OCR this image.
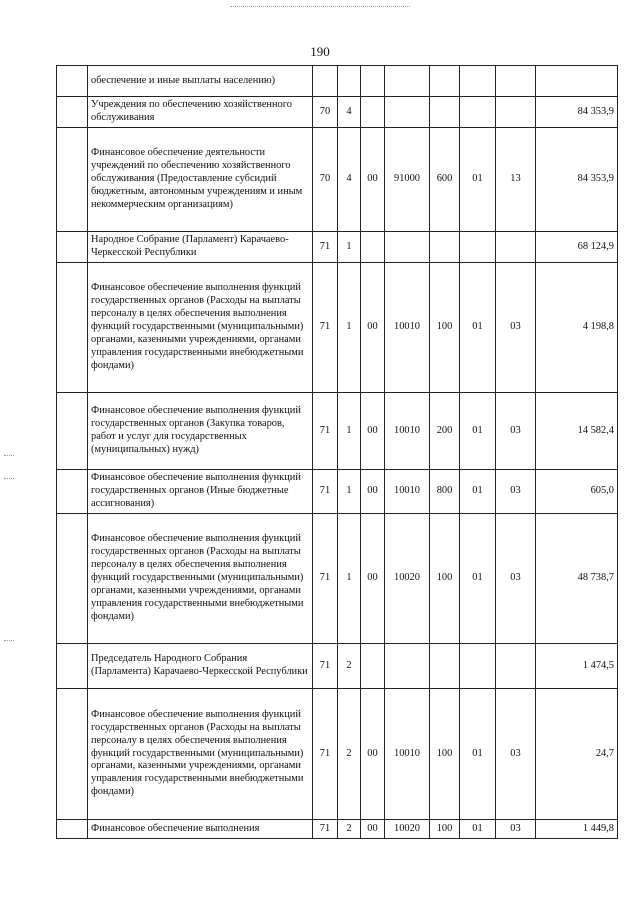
190
	обеспечение и иные выплаты населению)								
	Учреждения по обеспечению хозяйственного обслуживания	70	4						84 353,9
	Финансовое обеспечение деятельности учреждений по обеспечению хозяйственного обслуживания (Предоставление субсидий бюджетным, автономным учреждениям и иным некоммерческим организациям)	70	4	00	91000	600	01	13	84 353,9
	Народное Собрание (Парламент) Карачаево-Черкесской Республики	71	1						68 124,9
	Финансовое обеспечение выполнения функций государственных органов (Расходы на выплаты персоналу в целях обеспечения выполнения функций государственными (муниципальными) органами, казенными учреждениями, органами управления государственными внебюджетными фондами)	71	1	00	10010	100	01	03	4 198,8
	Финансовое обеспечение выполнения функций государственных органов (Закупка товаров, работ и услуг для государственных (муниципальных) нужд)	71	1	00	10010	200	01	03	14 582,4
	Финансовое обеспечение выполнения функций государственных органов (Иные бюджетные ассигнования)	71	1	00	10010	800	01	03	605,0
	Финансовое обеспечение выполнения функций государственных органов (Расходы на выплаты персоналу в целях обеспечения выполнения функций государственными (муниципальными) органами, казенными учреждениями, органами управления государственными внебюджетными фондами)	71	1	00	10020	100	01	03	48 738,7
	Председатель Народного Собрания (Парламента) Карачаево-Черкесской Республики	71	2						1 474,5
	Финансовое обеспечение выполнения функций государственных органов (Расходы на выплаты персоналу в целях обеспечения выполнения функций государственными (муниципальными) органами, казенными учреждениями, органами управления государственными внебюджетными фондами)	71	2	00	10010	100	01	03	24,7
	Финансовое обеспечение выполнения	71	2	00	10020	100	01	03	1 449,8
